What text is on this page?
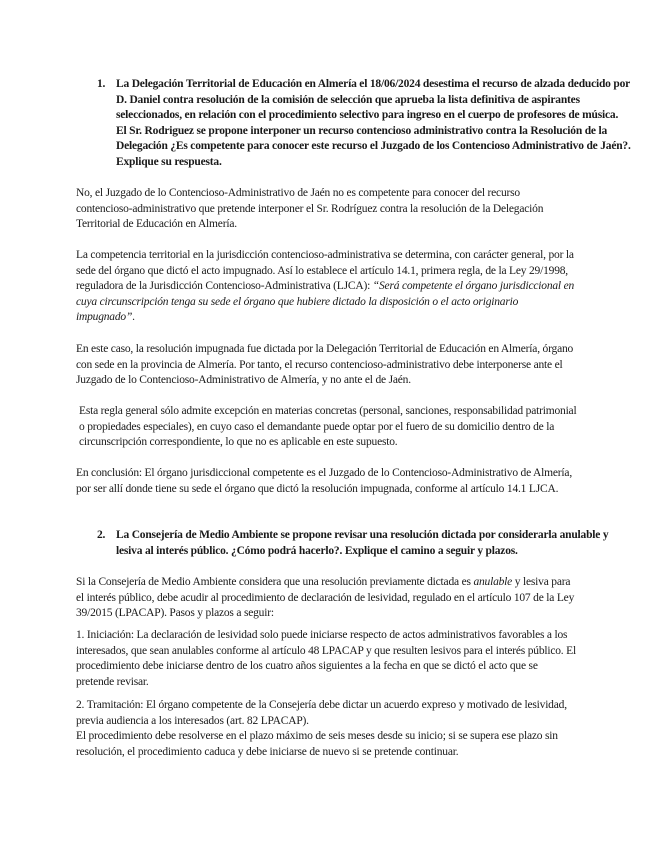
1. La Delegación Territorial de Educación en Almería el 18/06/2024 desestima el recurso de alzada deducido por D. Daniel contra resolución de la comisión de selección que aprueba la lista definitiva de aspirantes seleccionados, en relación con el procedimiento selectivo para ingreso en el cuerpo de profesores de música. El Sr. Rodriguez se propone interponer un recurso contencioso administrativo contra la Resolución de la Delegación ¿Es competente para conocer este recurso el Juzgado de los Contencioso Administrativo de Jaén?. Explique su respuesta.
No, el Juzgado de lo Contencioso-Administrativo de Jaén no es competente para conocer del recurso contencioso-administrativo que pretende interponer el Sr. Rodríguez contra la resolución de la Delegación Territorial de Educación en Almería.
La competencia territorial en la jurisdicción contencioso-administrativa se determina, con carácter general, por la sede del órgano que dictó el acto impugnado. Así lo establece el artículo 14.1, primera regla, de la Ley 29/1998, reguladora de la Jurisdicción Contencioso-Administrativa (LJCA): “Será competente el órgano jurisdiccional en cuya circunscripción tenga su sede el órgano que hubiere dictado la disposición o el acto originario impugnado”.
En este caso, la resolución impugnada fue dictada por la Delegación Territorial de Educación en Almería, órgano con sede en la provincia de Almería. Por tanto, el recurso contencioso-administrativo debe interponerse ante el Juzgado de lo Contencioso-Administrativo de Almería, y no ante el de Jaén.
Esta regla general sólo admite excepción en materias concretas (personal, sanciones, responsabilidad patrimonial o propiedades especiales), en cuyo caso el demandante puede optar por el fuero de su domicilio dentro de la circunscripción correspondiente, lo que no es aplicable en este supuesto.
En conclusión: El órgano jurisdiccional competente es el Juzgado de lo Contencioso-Administrativo de Almería, por ser allí donde tiene su sede el órgano que dictó la resolución impugnada, conforme al artículo 14.1 LJCA.
2. La Consejería de Medio Ambiente se propone revisar una resolución dictada por considerarla anulable y lesiva al interés público. ¿Cómo podrá hacerlo?. Explique el camino a seguir y plazos.
Si la Consejería de Medio Ambiente considera que una resolución previamente dictada es anulable y lesiva para el interés público, debe acudir al procedimiento de declaración de lesividad, regulado en el artículo 107 de la Ley 39/2015 (LPACAP). Pasos y plazos a seguir:
1. Iniciación: La declaración de lesividad solo puede iniciarse respecto de actos administrativos favorables a los interesados, que sean anulables conforme al artículo 48 LPACAP y que resulten lesivos para el interés público. El procedimiento debe iniciarse dentro de los cuatro años siguientes a la fecha en que se dictó el acto que se pretende revisar.
2. Tramitación: El órgano competente de la Consejería debe dictar un acuerdo expreso y motivado de lesividad, previa audiencia a los interesados (art. 82 LPACAP).
El procedimiento debe resolverse en el plazo máximo de seis meses desde su inicio; si se supera ese plazo sin resolución, el procedimiento caduca y debe iniciarse de nuevo si se pretende continuar.
